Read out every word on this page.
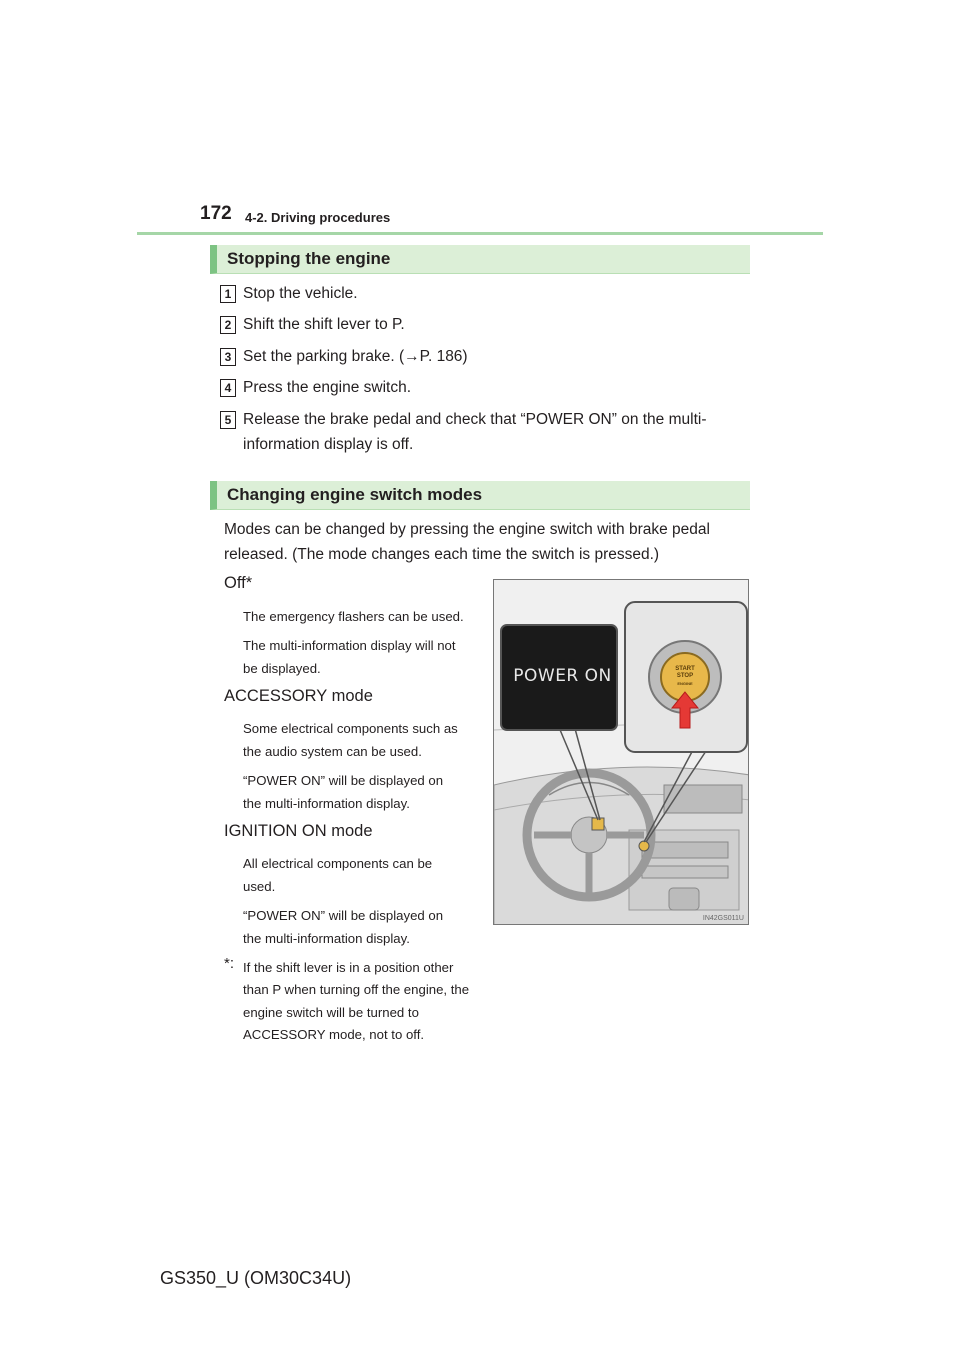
172 4-2. Driving procedures
Stopping the engine
1 Stop the vehicle.
2 Shift the shift lever to P.
3 Set the parking brake. (→P. 186)
4 Press the engine switch.
5 Release the brake pedal and check that “POWER ON” on the multi-
information display is off.
Changing engine switch modes
Modes can be changed by pressing the engine switch with brake pedal
released. (The mode changes each time the switch is pressed.)
Off*
The emergency flashers can be used.
The multi-information display will not
be displayed.
ACCESSORY mode
Some electrical components such as
the audio system can be used.
“POWER ON” will be displayed on
the multi-information display.
IGNITION ON mode
All electrical components can be
used.
“POWER ON” will be displayed on
the multi-information display.
*: If the shift lever is in a position other
than P when turning off the engine, the
engine switch will be turned to
ACCESSORY mode, not to off.
POWER ON	START
STOP
ENGINE
IN42GS011U
GS350_U (OM30C34U)
